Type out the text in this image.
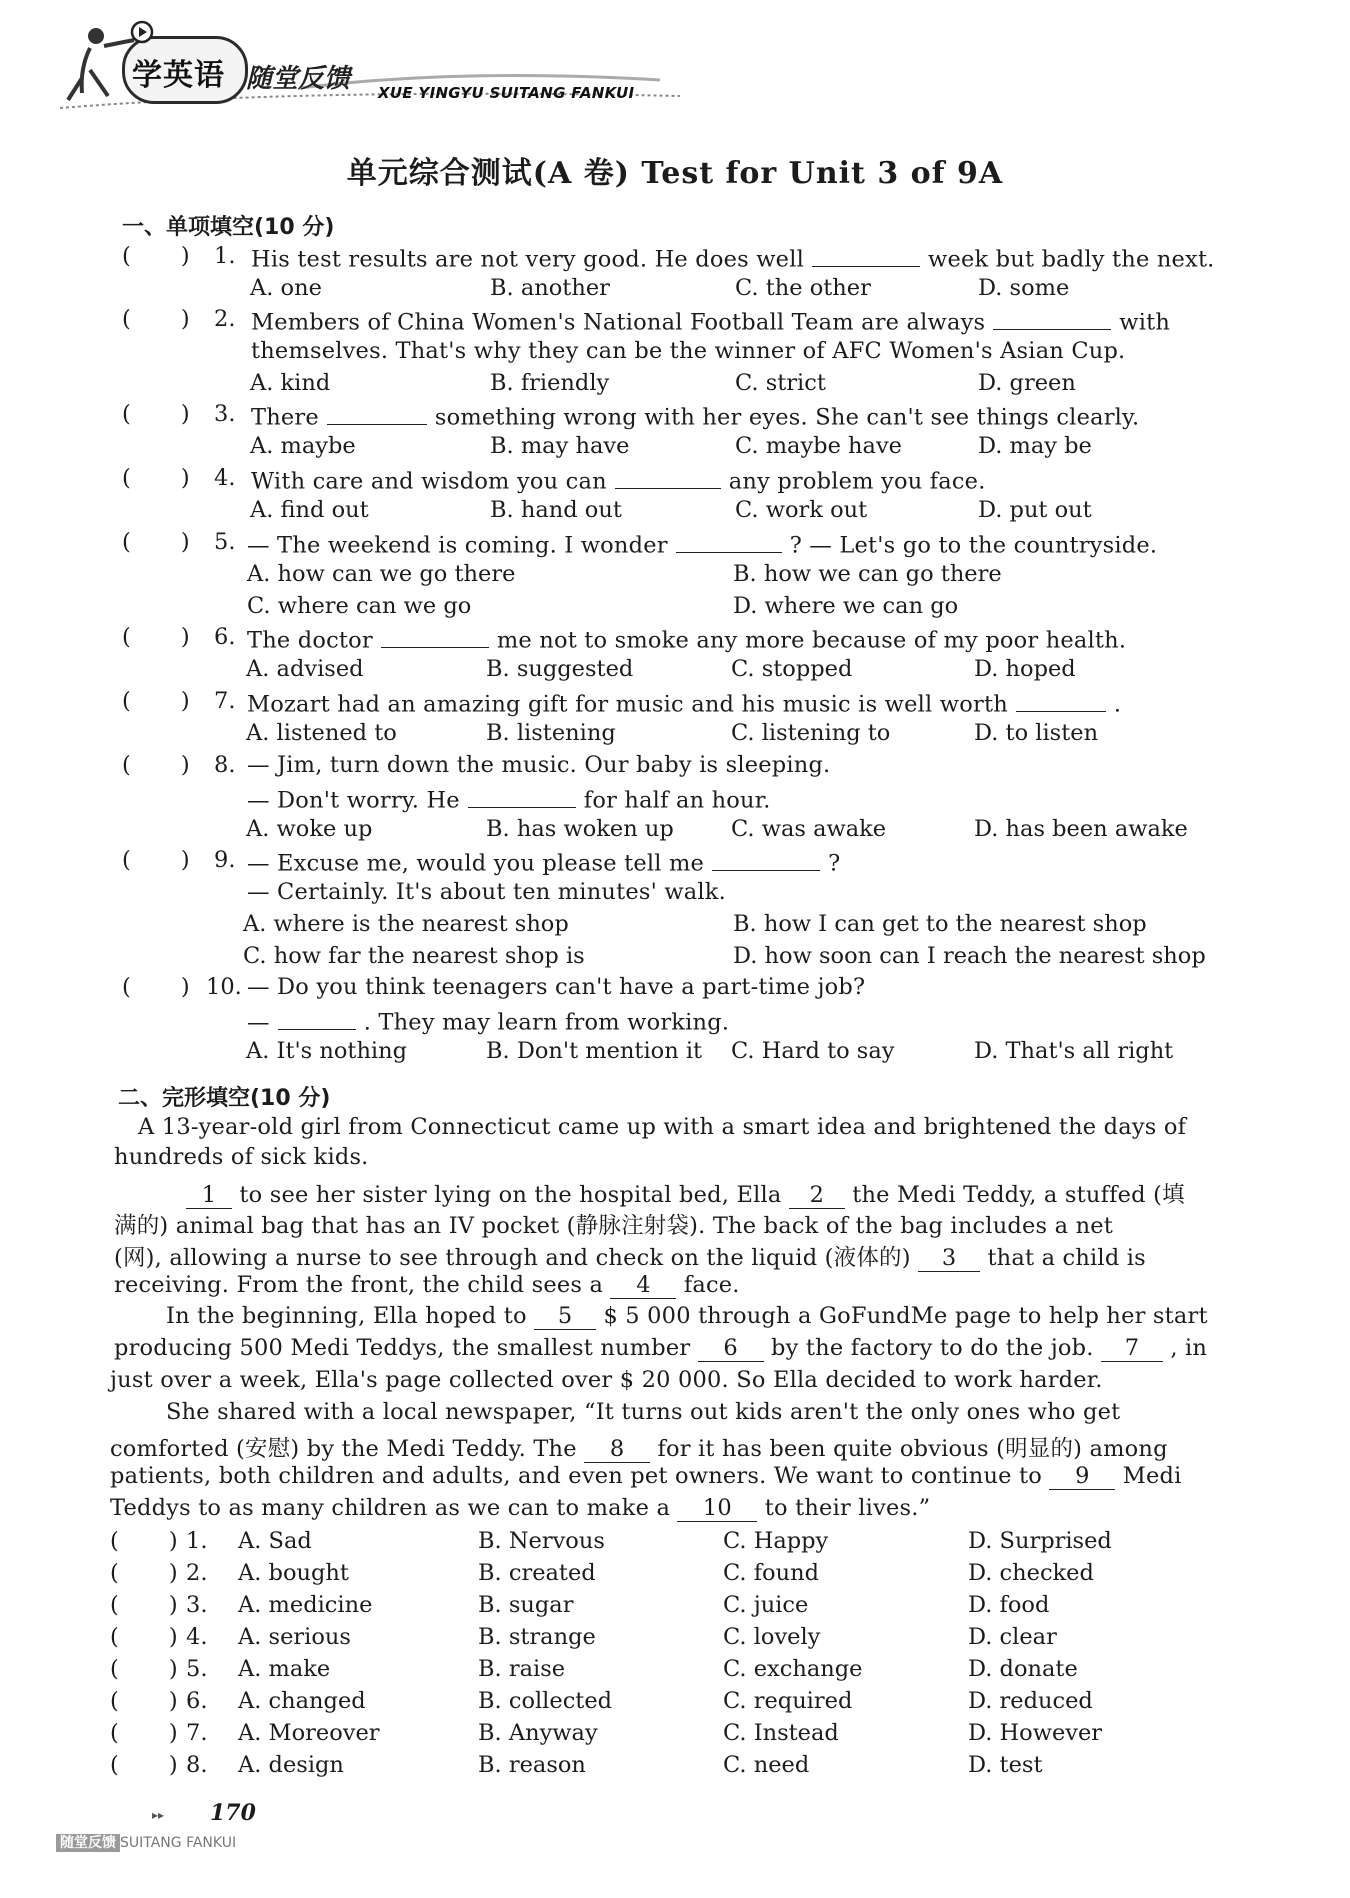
学英语 随堂反馈 XUE YINGYU SUITANG FANKUI
单元综合测试(A 卷) Test for Unit 3 of 9A
一、单项填空(10 分)
(       ) 1. His test results are not very good. He does well	week but badly the next.
A. one	B. another	C. the other	D. some
(       ) 2. Members of China Women's National Football Team are always	with
themselves. That's why they can be the winner of AFC Women's Asian Cup.
A. kind	B. friendly	C. strict	D. green
(       ) 3. There	something wrong with her eyes. She can't see things clearly.
A. maybe	B. may have	C. maybe have	D. may be
(       ) 4. With care and wisdom you can	any problem you face.
A. find out	B. hand out	C. work out	D. put out
(       ) 5. — The weekend is coming. I wonder	? — Let's go to the countryside.
A. how can we go there	B. how we can go there
C. where can we go	D. where we can go
(       ) 6. The doctor	me not to smoke any more because of my poor health.
A. advised	B. suggested	C. stopped	D. hoped
(       ) 7. Mozart had an amazing gift for music and his music is well worth	.
A. listened to	B. listening	C. listening to	D. to listen
(       ) 8. — Jim, turn down the music. Our baby is sleeping.
— Don't worry. He	for half an hour.
A. woke up	B. has woken up	C. was awake	D. has been awake
(       ) 9. — Excuse me, would you please tell me	?
— Certainly. It's about ten minutes' walk.
A. where is the nearest shop	B. how I can get to the nearest shop
C. how far the nearest shop is	D. how soon can I reach the nearest shop
(       ) 10. — Do you think teenagers can't have a part-time job?
—	. They may learn from working.
A. It's nothing	B. Don't mention it C. Hard to say	D. That's all right
二、完形填空(10 分)
A 13-year-old girl from Connecticut came up with a smart idea and brightened the days of
hundreds of sick kids.
1 to see her sister lying on the hospital bed, Ella 2 the Medi Teddy, a stuffed (填
满的) animal bag that has an IV pocket (静脉注射袋). The back of the bag includes a net
(网), allowing a nurse to see through and check on the liquid (液体的) 3 that a child is
receiving. From the front, the child sees a 4 face.
In the beginning, Ella hoped to 5 $ 5 000 through a GoFundMe page to help her start
producing 500 Medi Teddys, the smallest number 6 by the factory to do the job. 7 , in
just over a week, Ella's page collected over $ 20 000. So Ella decided to work harder.
She shared with a local newspaper, “It turns out kids aren't the only ones who get
comforted (安慰) by the Medi Teddy. The 8 for it has been quite obvious (明显的) among
patients, both children and adults, and even pet owners. We want to continue to 9 Medi
Teddys to as many children as we can to make a 10 to their lives.”
(       ) 1. A. Sad	B. Nervous	C. Happy	D. Surprised
(       ) 2. A. bought	B. created	C. found	D. checked
(       ) 3. A. medicine	B. sugar	C. juice	D. food
(       ) 4. A. serious	B. strange	C. lovely	D. clear
(       ) 5. A. make	B. raise	C. exchange	D. donate
(       ) 6. A. changed	B. collected	C. required	D. reduced
(       ) 7. A. Moreover	B. Anyway	C. Instead	D. However
(       ) 8. A. design	B. reason	C. need	D. test
▸▸ 170
随堂反馈 SUITANG FANKUI
